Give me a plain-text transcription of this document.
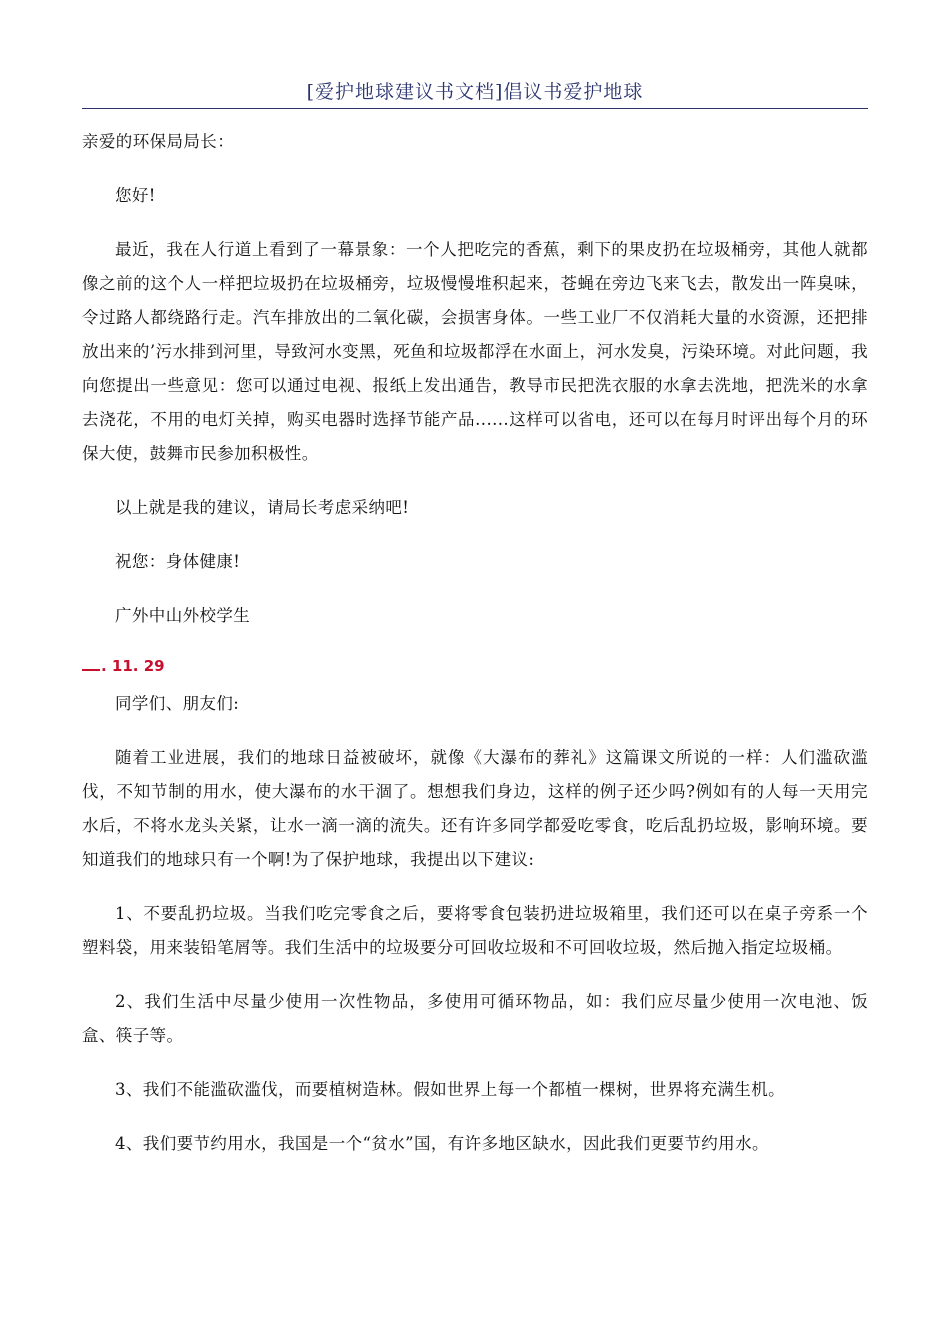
[爱护地球建议书文档]倡议书爱护地球

亲爱的环保局局长：

您好!

最近，我在人行道上看到了一幕景象：一个人把吃完的香蕉，剩下的果皮扔在垃圾桶旁，其他人就都像之前的这个人一样把垃圾扔在垃圾桶旁，垃圾慢慢堆积起来，苍蝇在旁边飞来飞去，散发出一阵臭味，令过路人都绕路行走。汽车排放出的二氧化碳，会损害身体。一些工业厂不仅消耗大量的水资源，还把排放出来的’污水排到河里，导致河水变黑，死鱼和垃圾都浮在水面上，河水发臭，污染环境。对此问题，我向您提出一些意见：您可以通过电视、报纸上发出通告，教导市民把洗衣服的水拿去洗地，把洗米的水拿去浇花，不用的电灯关掉，购买电器时选择节能产品......这样可以省电，还可以在每月时评出每个月的环保大使，鼓舞市民参加积极性。

以上就是我的建议，请局长考虑采纳吧!

祝您：身体健康!

广外中山外校学生

. 11. 29

同学们、朋友们:

随着工业进展，我们的地球日益被破坏，就像《大瀑布的葬礼》这篇课文所说的一样：人们滥砍滥伐，不知节制的用水，使大瀑布的水干涸了。想想我们身边，这样的例子还少吗?例如有的人每一天用完水后，不将水龙头关紧，让水一滴一滴的流失。还有许多同学都爱吃零食，吃后乱扔垃圾，影响环境。要知道我们的地球只有一个啊!为了保护地球，我提出以下建议:

1、不要乱扔垃圾。当我们吃完零食之后，要将零食包装扔进垃圾箱里，我们还可以在桌子旁系一个塑料袋，用来装铅笔屑等。我们生活中的垃圾要分可回收垃圾和不可回收垃圾，然后抛入指定垃圾桶。

2、我们生活中尽量少使用一次性物品，多使用可循环物品，如：我们应尽量少使用一次电池、饭盒、筷子等。

3、我们不能滥砍滥伐，而要植树造林。假如世界上每一个都植一棵树，世界将充满生机。

4、我们要节约用水，我国是一个“贫水”国，有许多地区缺水，因此我们更要节约用水。
